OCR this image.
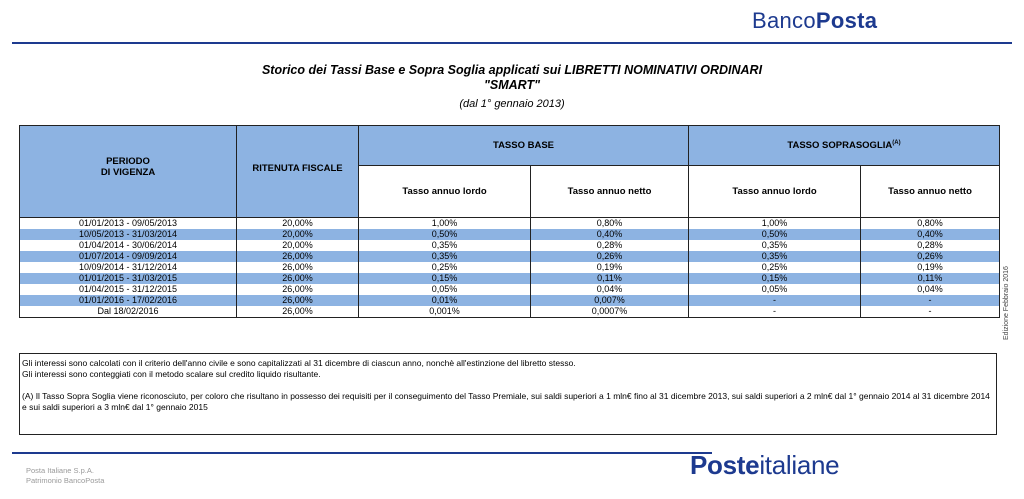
BancoPosta
Storico dei Tassi Base e Sopra Soglia applicati sui LIBRETTI NOMINATIVI ORDINARI
"SMART"
(dal 1° gennaio 2013)
PERIODO
DI VIGENZA	RITENUTA FISCALE	TASSO BASE		TASSO $SOPRASOGLIA^{(A)}$
		Tasso annuo lordo	Tasso annuo netto	Tasso annuo lordo	Tasso annuo netto
01/01/2013 - 09/05/2013	20,00%	1,00%	0,80%	1,00%	0,80%
10/05/2013 - 31/03/2014	20,00%	0,50%	0,40%	0,50%	0,40%
01/04/2014 - 30/06/2014	20,00%	0,35%	0,28%	0,35%	0,28%
01/07/2014 - 09/09/2014	26,00%	0,35%	0,26%	0,35%	0,26%
10/09/2014 - 31/12/2014	26,00%	0,25%	0,19%	0,25%	0,19%
01/01/2015 - 31/03/2015	26,00%	0,15%	0,11%	0,15%	0,11%
01/04/2015 - 31/12/2015	26,00%	0,05%	0,04%	0,05%	0,04%
01/01/2016 - 17/02/2016	26,00%	0,01%	0,007%	-	-
Dal 18/02/2016	26,00%	0,001%	0,0007%	-	-	Edizione Febbraio 2016

Gli interessi sono calcolati con il criterio dell'anno civile e sono capitalizzati al 31 dicembre di ciascun anno, nonchè all'estinzione del libretto stesso.

Gli interessi sono conteggiati con il metodo scalare sul credito liquido risultante.

(A) Il Tasso Sopra Soglia viene riconosciuto, per coloro che risultano in possesso dei requisiti per il conseguimento del Tasso Premiale, sui saldi superiori a 1 mln€ fino al 31 dicembre 2013, sui saldi superiori a 2 mln€ dal 1° gennaio 2014 al 31 dicembre 2014 e sui saldi superiori a 3 mln€ dal 1° gennaio 2015

Posta Italiane S.p.A.
Patrimonio BancoPosta
Posteitaliane
